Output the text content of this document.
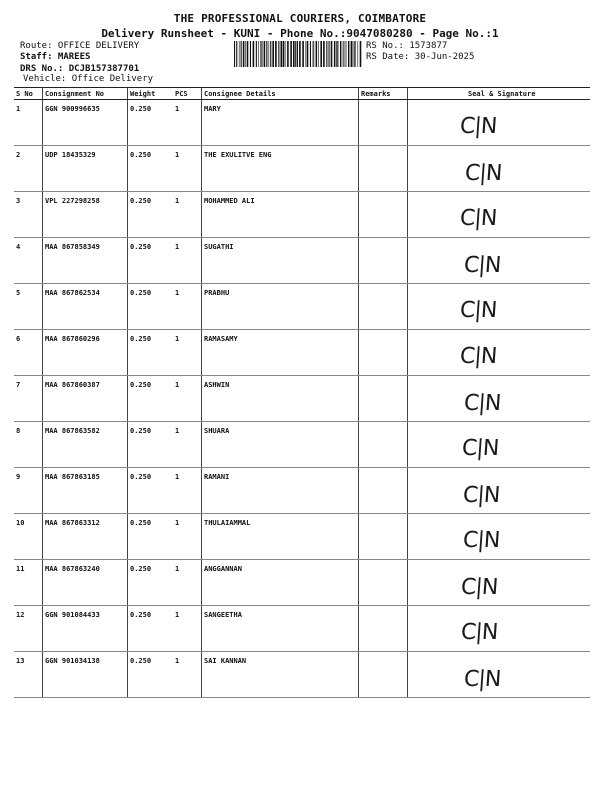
THE PROFESSIONAL COURIERS, COIMBATORE
Delivery Runsheet - KUNI - Phone No.:9047080280 - Page No.:1
Route: OFFICE DELIVERY
Staff: MAREES
DRS No.: DCJB157387701
Vehicle: Office Delivery
RS No.: 1573877
RS Date: 30-Jun-2025
S No	Consignment No	Weight	PCS	Consignee Details	Remarks	Seal & Signature
1	GGN 900996635	0.250	1	MARY		C|N

2	UDP 18435329	0.250	1	THE EXULITVE ENG		C|N

3	VPL 227298258	0.250	1	MOHAMMED ALI		C|N

4	MAA 867858349	0.250	1	SUGATHI		C|N

5	MAA 867862534	0.250	1	PRABHU		C|N

6	MAA 867860296	0.250	1	RAMASAMY		C|N

7	MAA 867860387	0.250	1	ASHWIN		C|N

8	MAA 867863582	0.250	1	SHUARA		C|N

9	MAA 867863185	0.250	1	RAMANI		C|N

10	MAA 867863312	0.250	1	THULAIAMMAL		C|N

11	MAA 867863240	0.250	1	ANGGANNAN		C|N

12	GGN 901084433	0.250	1	SANGEETHA		C|N

13	GGN 901034138	0.250	1	SAI KANNAN		C|N
